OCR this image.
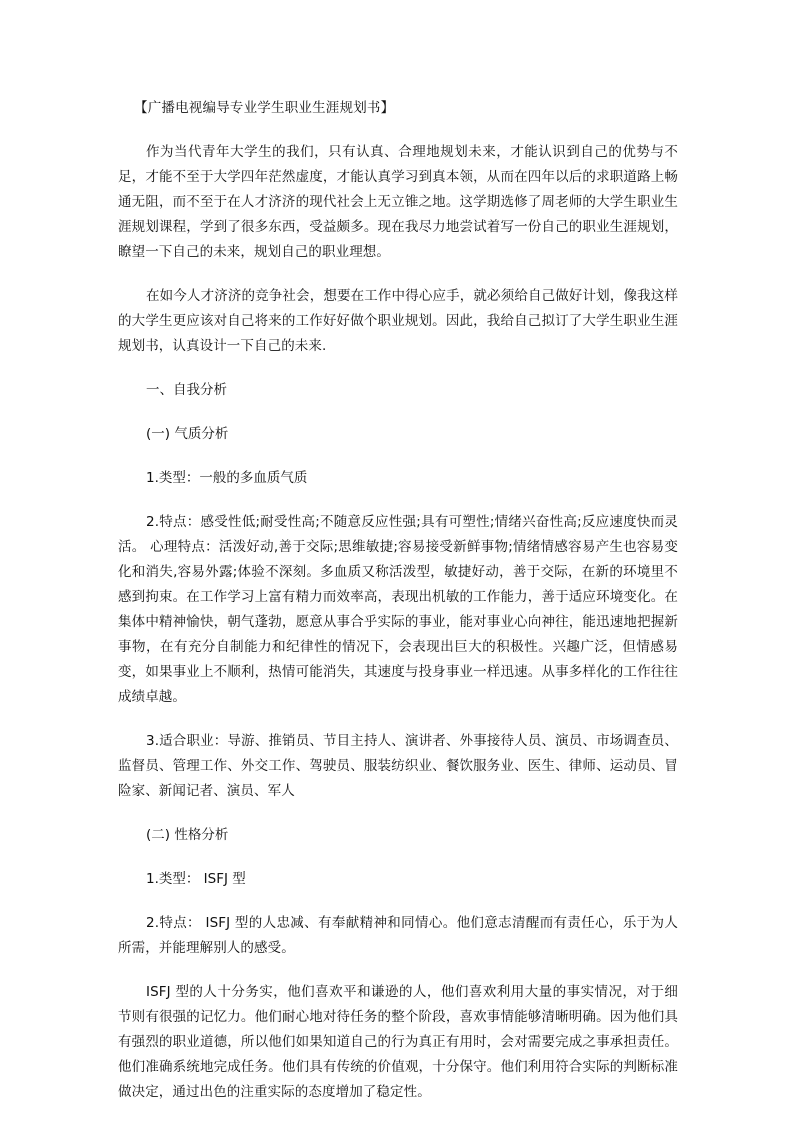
【广播电视编导专业学生职业生涯规划书】

作为当代青年大学生的我们，只有认真、合理地规划未来，才能认识到自己的优势与不足，才能不至于大学四年茫然虚度，才能认真学习到真本领，从而在四年以后的求职道路上畅通无阻，而不至于在人才济济的现代社会上无立锥之地。这学期选修了周老师的大学生职业生涯规划课程，学到了很多东西，受益颇多。现在我尽力地尝试着写一份自己的职业生涯规划，瞭望一下自己的未来，规划自己的职业理想。

在如今人才济济的竞争社会，想要在工作中得心应手，就必须给自己做好计划，像我这样的大学生更应该对自己将来的工作好好做个职业规划。因此，我给自己拟订了大学生职业生涯规划书，认真设计一下自己的未来.

一、自我分析

(一) 气质分析

1.类型：一般的多血质气质

2.特点：感受性低;耐受性高;不随意反应性强;具有可塑性;情绪兴奋性高;反应速度快而灵活。 心理特点：活泼好动,善于交际;思维敏捷;容易接受新鲜事物;情绪情感容易产生也容易变化和消失,容易外露;体验不深刻。多血质又称活泼型，敏捷好动，善于交际，在新的环境里不感到拘束。在工作学习上富有精力而效率高，表现出机敏的工作能力，善于适应环境变化。在集体中精神愉快，朝气蓬勃，愿意从事合乎实际的事业，能对事业心向神往，能迅速地把握新事物，在有充分自制能力和纪律性的情况下，会表现出巨大的积极性。兴趣广泛，但情感易变，如果事业上不顺利，热情可能消失，其速度与投身事业一样迅速。从事多样化的工作往往成绩卓越。

3.适合职业：导游、推销员、节目主持人、演讲者、外事接待人员、演员、市场调查员、监督员、管理工作、外交工作、驾驶员、服装纺织业、餐饮服务业、医生、律师、运动员、冒险家、新闻记者、演员、军人

(二) 性格分析

1.类型： ISFJ 型

2.特点： ISFJ 型的人忠减、有奉献精神和同情心。他们意志清醒而有责任心，乐于为人所需，并能理解别人的感受。

ISFJ 型的人十分务实，他们喜欢平和谦逊的人，他们喜欢利用大量的事实情况，对于细节则有很强的记忆力。他们耐心地对待任务的整个阶段，喜欢事情能够清晰明确。因为他们具有强烈的职业道德，所以他们如果知道自己的行为真正有用时，会对需要完成之事承担责任。他们准确系统地完成任务。他们具有传统的价值观，十分保守。他们利用符合实际的判断标准做决定，通过出色的注重实际的态度增加了稳定性。
